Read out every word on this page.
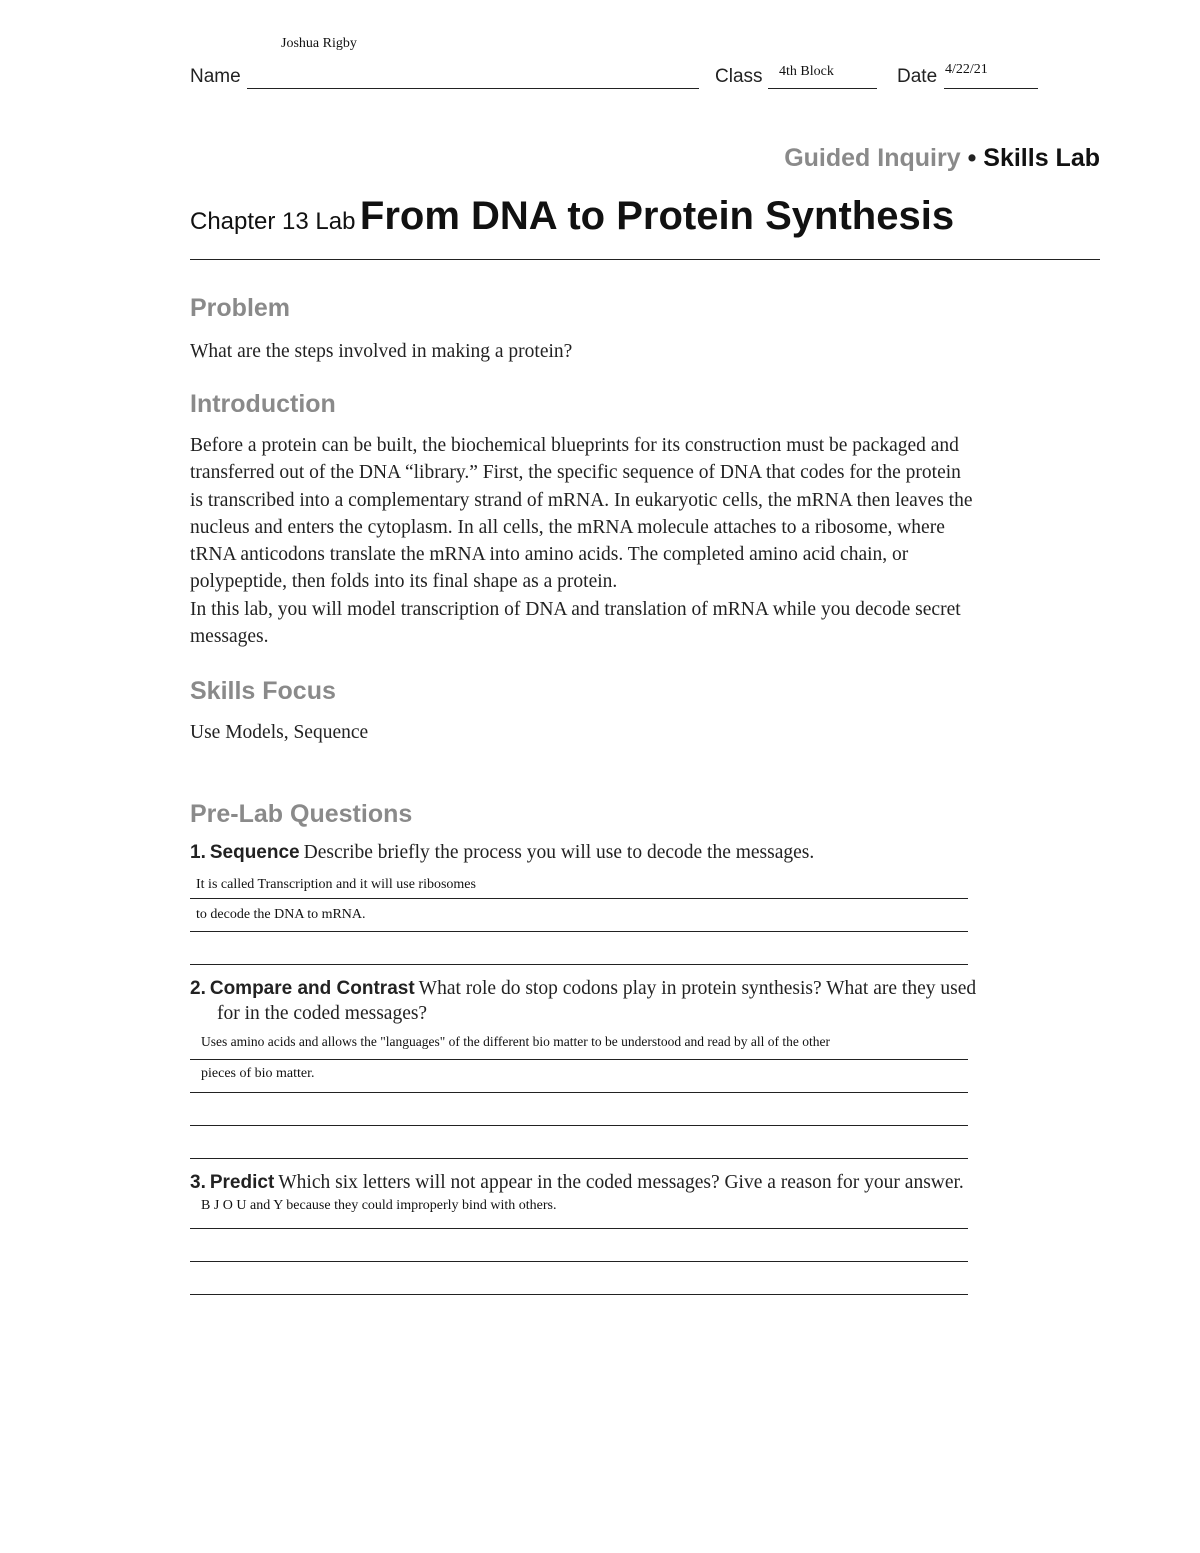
Joshua Rigby
Name	Class 4th Block	Date 4/22/21
Guided Inquiry • Skills Lab
Chapter 13 Lab From DNA to Protein Synthesis
Problem
What are the steps involved in making a protein?
Introduction
Before a protein can be built, the biochemical blueprints for its construction must be packaged and
transferred out of the DNA “library.” First, the specific sequence of DNA that codes for the protein
is transcribed into a complementary strand of mRNA. In eukaryotic cells, the mRNA then leaves the
nucleus and enters the cytoplasm. In all cells, the mRNA molecule attaches to a ribosome, where
tRNA anticodons translate the mRNA into amino acids. The completed amino acid chain, or
polypeptide, then folds into its final shape as a protein.
In this lab, you will model transcription of DNA and translation of mRNA while you decode secret
messages.
Skills Focus
Use Models, Sequence
Pre-Lab Questions
1. Sequence Describe briefly the process you will use to decode the messages.
It is called Transcription and it will use ribosomes
to decode the DNA to mRNA.
2. Compare and Contrast What role do stop codons play in protein synthesis? What are they used
for in the coded messages?
Uses amino acids and allows the "languages" of the different bio matter to be understood and read by all of the other
pieces of bio matter.
3. Predict Which six letters will not appear in the coded messages? Give a reason for your answer.
B J O U and Y because they could improperly bind with others.
